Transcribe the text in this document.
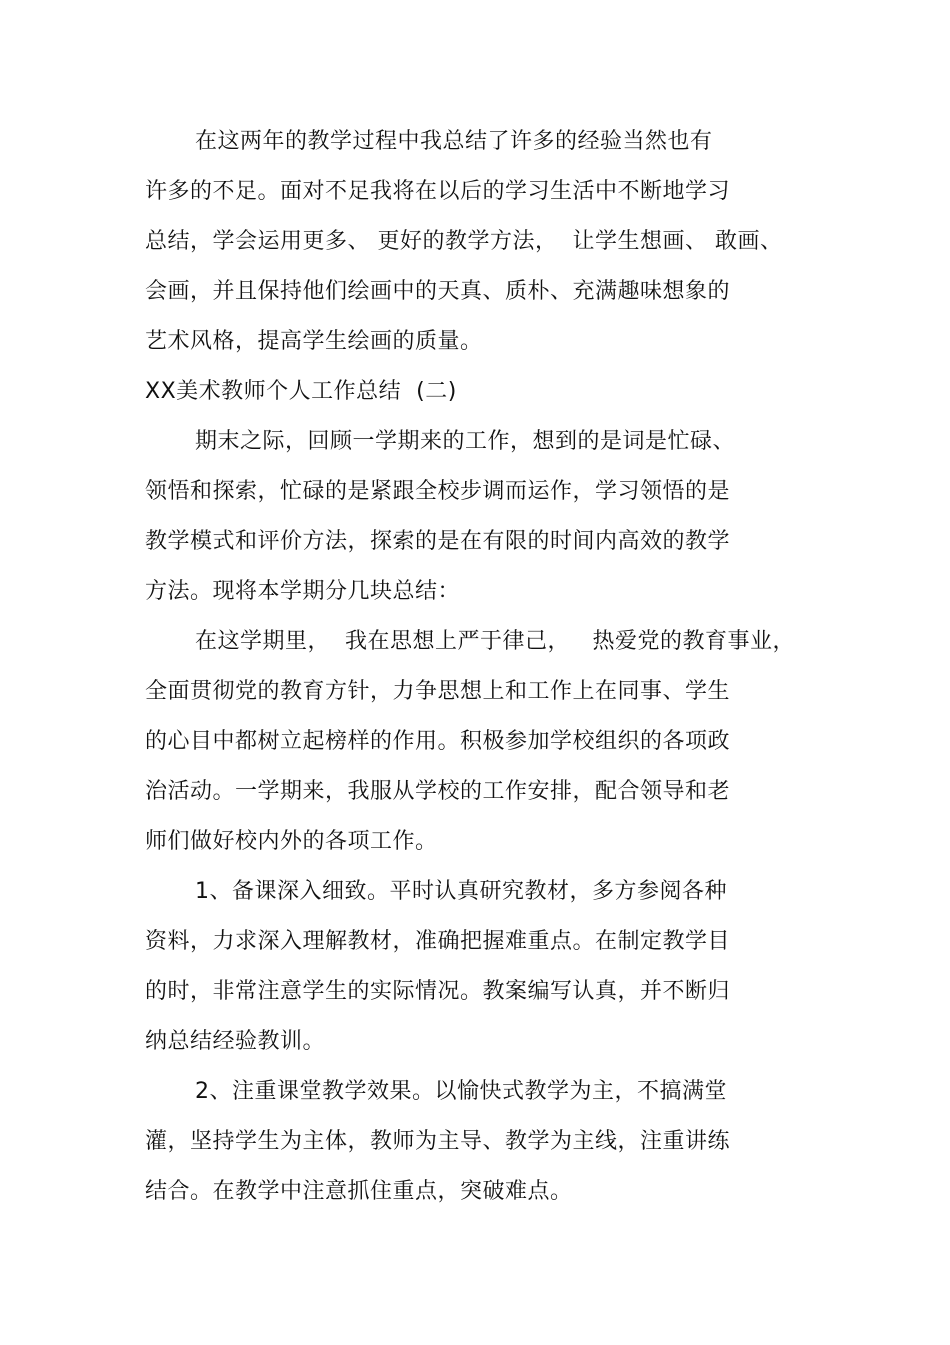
在这两年的教学过程中我总结了许多的经验当然也有
许多的不足。面对不足我将在以后的学习生活中不断地学习
总结，学会运用更多、 更好的教学方法，  让学生想画、 敢画、
会画，并且保持他们绘画中的天真、质朴、充满趣味想象的
艺术风格，提高学生绘画的质量。
XX美术教师个人工作总结  (二)
期末之际，回顾一学期来的工作，想到的是词是忙碌、
领悟和探索，忙碌的是紧跟全校步调而运作，学习领悟的是
教学模式和评价方法，探索的是在有限的时间内高效的教学
方法。现将本学期分几块总结：
在这学期里，  我在思想上严于律己，   热爱党的教育事业，
全面贯彻党的教育方针，力争思想上和工作上在同事、学生
的心目中都树立起榜样的作用。积极参加学校组织的各项政
治活动。一学期来，我服从学校的工作安排，配合领导和老
师们做好校内外的各项工作。
1、备课深入细致。平时认真研究教材，多方参阅各种
资料，力求深入理解教材，准确把握难重点。在制定教学目
的时，非常注意学生的实际情况。教案编写认真，并不断归
纳总结经验教训。
2、注重课堂教学效果。以愉快式教学为主，不搞满堂
灌，坚持学生为主体，教师为主导、教学为主线，注重讲练
结合。在教学中注意抓住重点，突破难点。
